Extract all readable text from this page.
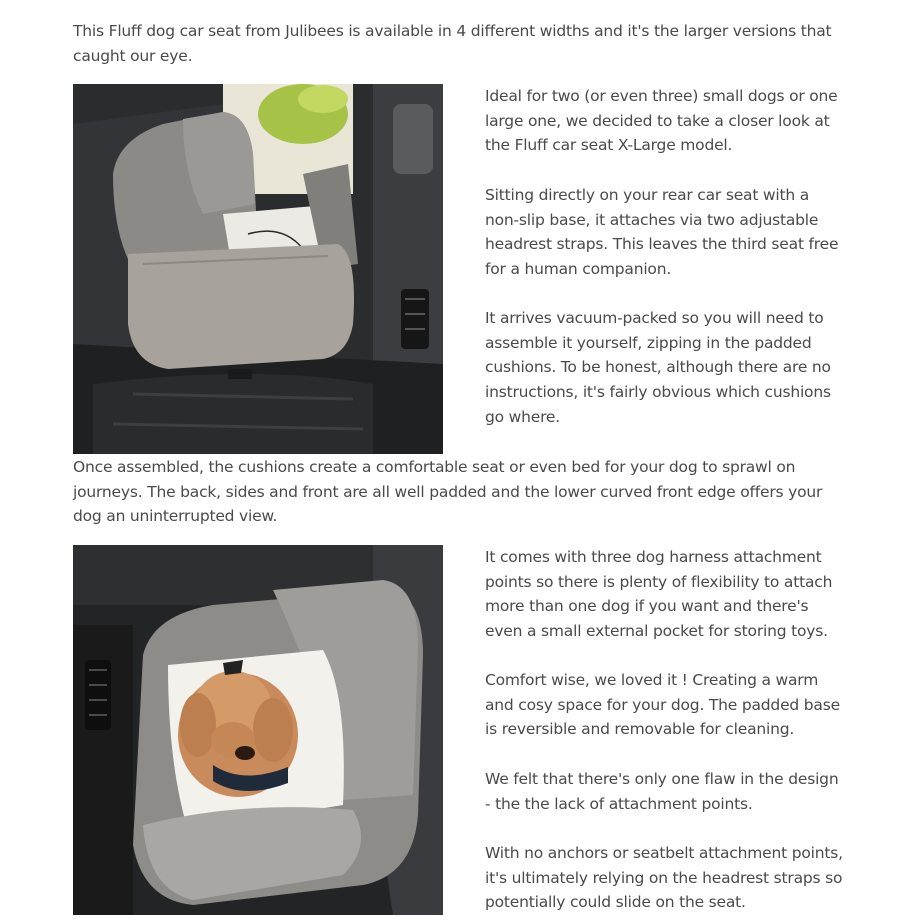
This Fluff dog car seat from Julibees is available in 4 different widths and it's the larger versions that caught our eye.

Ideal for two (or even three) small dogs or one large one, we decided to take a closer look at the Fluff car seat X-Large model.

Sitting directly on your rear car seat with a non-slip base, it attaches via two adjustable headrest straps. This leaves the third seat free for a human companion.

It arrives vacuum-packed so you will need to assemble it yourself, zipping in the padded cushions. To be honest, although there are no instructions, it's fairly obvious which cushions go where.

Once assembled, the cushions create a comfortable seat or even bed for your dog to sprawl on journeys. The back, sides and front are all well padded and the lower curved front edge offers your dog an uninterrupted view.

It comes with three dog harness attachment points so there is plenty of flexibility to attach more than one dog if you want and there's even a small external pocket for storing toys.

Comfort wise, we loved it ! Creating a warm and cosy space for your dog. The padded base is reversible and removable for cleaning.

We felt that there's only one flaw in the design - the the lack of attachment points.

With no anchors or seatbelt attachment points, it's ultimately relying on the headrest straps so potentially could slide on the seat.
